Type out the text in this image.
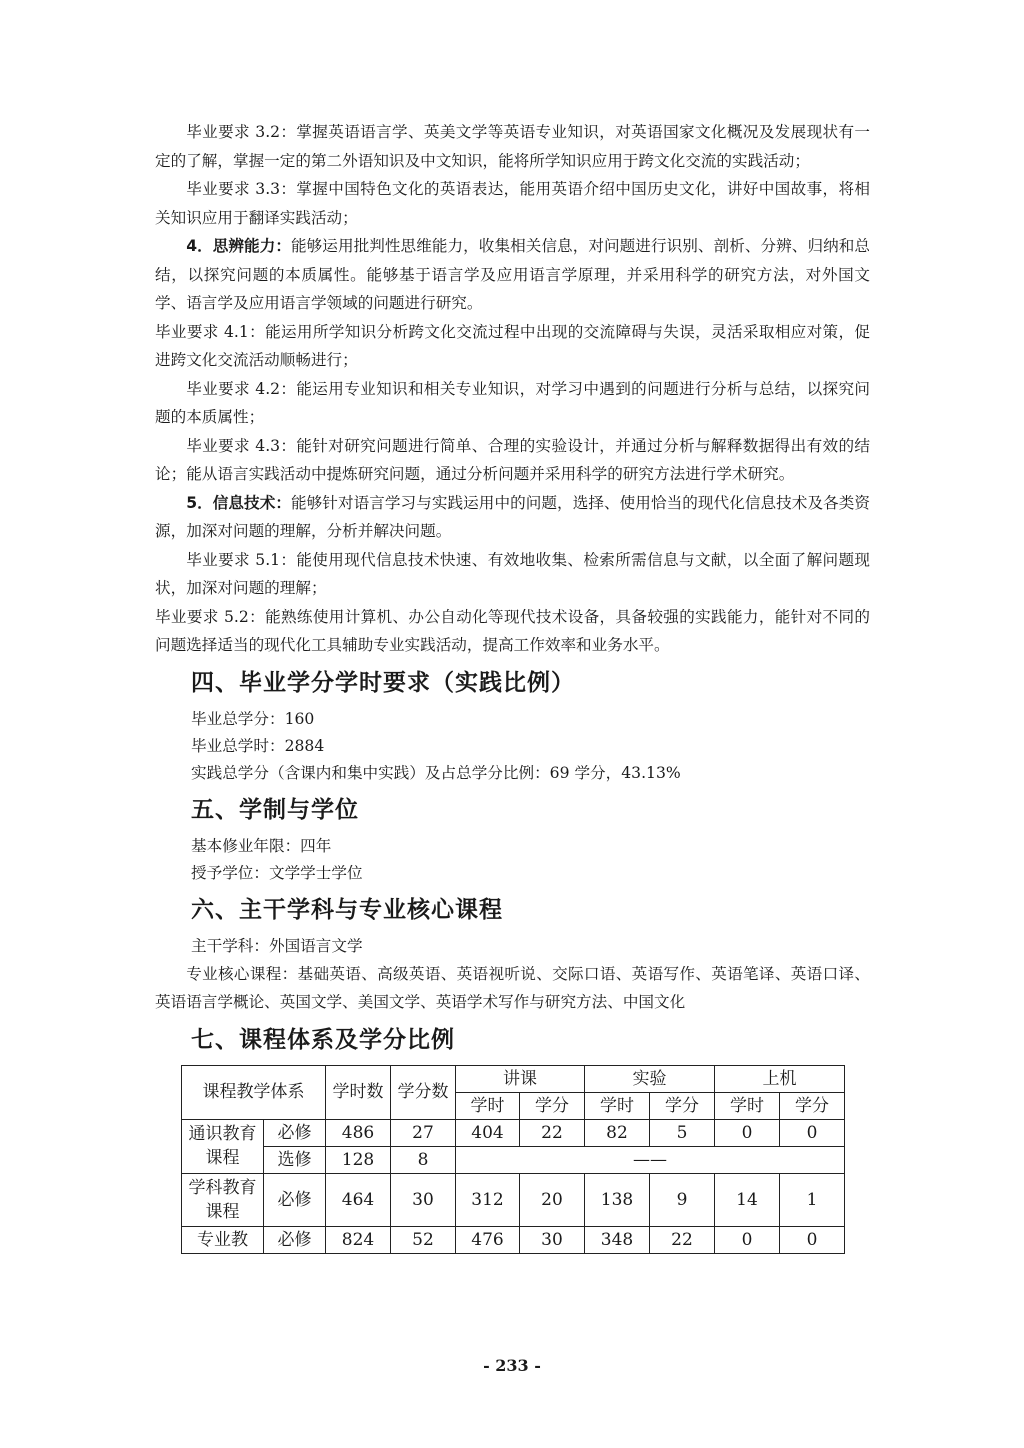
毕业要求 3.2：掌握英语语言学、英美文学等英语专业知识，对英语国家文化概况及发展现状有一定的了解，掌握一定的第二外语知识及中文知识，能将所学知识应用于跨文化交流的实践活动；

毕业要求 3.3：掌握中国特色文化的英语表达，能用英语介绍中国历史文化，讲好中国故事，将相关知识应用于翻译实践活动；

4．思辨能力：能够运用批判性思维能力，收集相关信息，对问题进行识别、剖析、分辨、归纳和总结，以探究问题的本质属性。能够基于语言学及应用语言学原理，并采用科学的研究方法，对外国文学、语言学及应用语言学领域的问题进行研究。

毕业要求 4.1：能运用所学知识分析跨文化交流过程中出现的交流障碍与失误，灵活采取相应对策，促进跨文化交流活动顺畅进行；

毕业要求 4.2：能运用专业知识和相关专业知识，对学习中遇到的问题进行分析与总结，以探究问题的本质属性；

毕业要求 4.3：能针对研究问题进行简单、合理的实验设计，并通过分析与解释数据得出有效的结论；能从语言实践活动中提炼研究问题，通过分析问题并采用科学的研究方法进行学术研究。

5．信息技术：能够针对语言学习与实践运用中的问题，选择、使用恰当的现代化信息技术及各类资源，加深对问题的理解，分析并解决问题。

毕业要求 5.1：能使用现代信息技术快速、有效地收集、检索所需信息与文献，以全面了解问题现状，加深对问题的理解；

毕业要求 5.2：能熟练使用计算机、办公自动化等现代技术设备，具备较强的实践能力，能针对不同的问题选择适当的现代化工具辅助专业实践活动，提高工作效率和业务水平。

四、毕业学分学时要求（实践比例）

毕业总学分：160

毕业总学时：2884

实践总学分（含课内和集中实践）及占总学分比例：69 学分，43.13%

五、学制与学位

基本修业年限：四年

授予学位：文学学士学位

六、主干学科与专业核心课程

主干学科：外国语言文学

专业核心课程：基础英语、高级英语、英语视听说、交际口语、英语写作、英语笔译、英语口译、英语语言学概论、英国文学、美国文学、英语学术写作与研究方法、中国文化

七、课程体系及学分比例
课程教学体系		学时数	学分数	讲课		实验		上机	
				学时	学分	学时	学分	学时	学分
通识教育课程	必修	486	27	404	22	82	5	0	0
	选修	128	8	——					
学科教育课程	必修	464	30	312	20	138	9	14	1
专业教	必修	824	52	476	30	348	22	0	0
- 233 -
